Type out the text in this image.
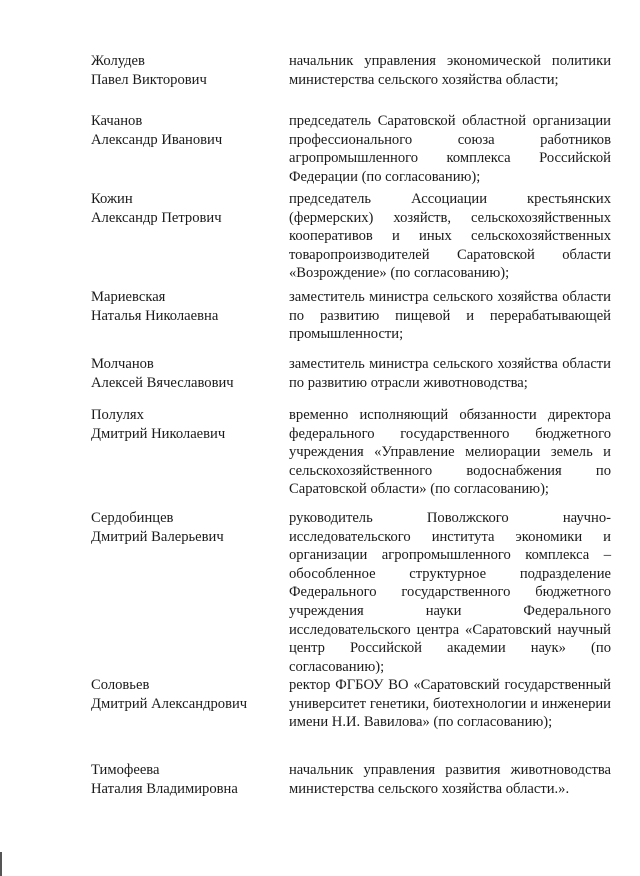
Жолудев
Павел Викторович
начальник управления экономической политики министерства сельского хозяйства области;
Качанов
Александр Иванович
председатель Саратовской областной организации профессионального союза работников агропромышленного комплекса Российской Федерации (по согласованию);
Кожин
Александр Петрович
председатель Ассоциации крестьянских (фермерских) хозяйств, сельскохозяйственных кооперативов и иных сельскохозяйственных товаропроизводителей Саратовской области «Возрождение» (по согласованию);
Мариевская
Наталья Николаевна
заместитель министра сельского хозяйства области по развитию пищевой и перерабатывающей промышленности;
Молчанов
Алексей Вячеславович
заместитель министра сельского хозяйства области по развитию отрасли животноводства;
Полулях
Дмитрий Николаевич
временно исполняющий обязанности директора федерального государственного бюджетного учреждения «Управление мелиорации земель и сельскохозяйственного водоснабжения по Саратовской области» (по согласованию);
Сердобинцев
Дмитрий Валерьевич
руководитель Поволжского научно-исследовательского института экономики и организации агропромышленного комплекса – обособленное структурное подразделение Федерального государственного бюджетного учреждения науки Федерального исследовательского центра «Саратовский научный центр Российской академии наук» (по согласованию);
Соловьев
Дмитрий Александрович
ректор ФГБОУ ВО «Саратовский государственный университет генетики, биотехнологии и инженерии имени Н.И. Вавилова» (по согласованию);
Тимофеева
Наталия Владимировна
начальник управления развития животноводства министерства сельского хозяйства области.».
